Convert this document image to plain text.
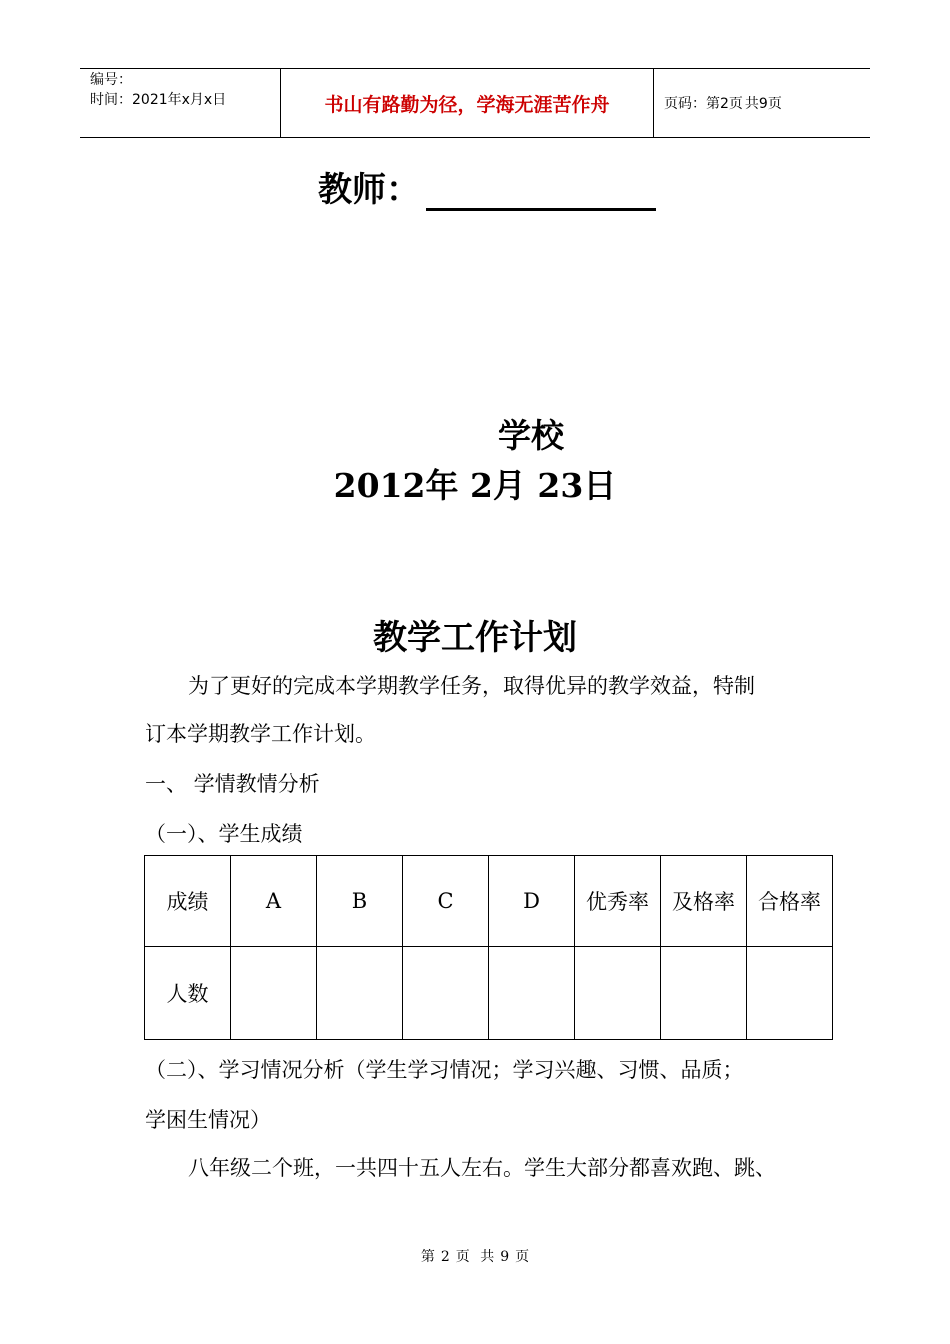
编号：
时间：2021年x月x日	书山有路勤为径，学海无涯苦作舟	页码：第2页 共9页
教师：
学校
2012年 2月 23日
教学工作计划
为了更好的完成本学期教学任务，取得优异的教学效益，特制
订本学期教学工作计划。
一、 学情教情分析
（一）、学生成绩
成绩	A	B	C	D	优秀率	及格率	合格率
人数							
（二）、学习情况分析（学生学习情况；学习兴趣、习惯、品质；
学困生情况）
八年级二个班，一共四十五人左右。学生大部分都喜欢跑、跳、
第 2 页 共 9 页
